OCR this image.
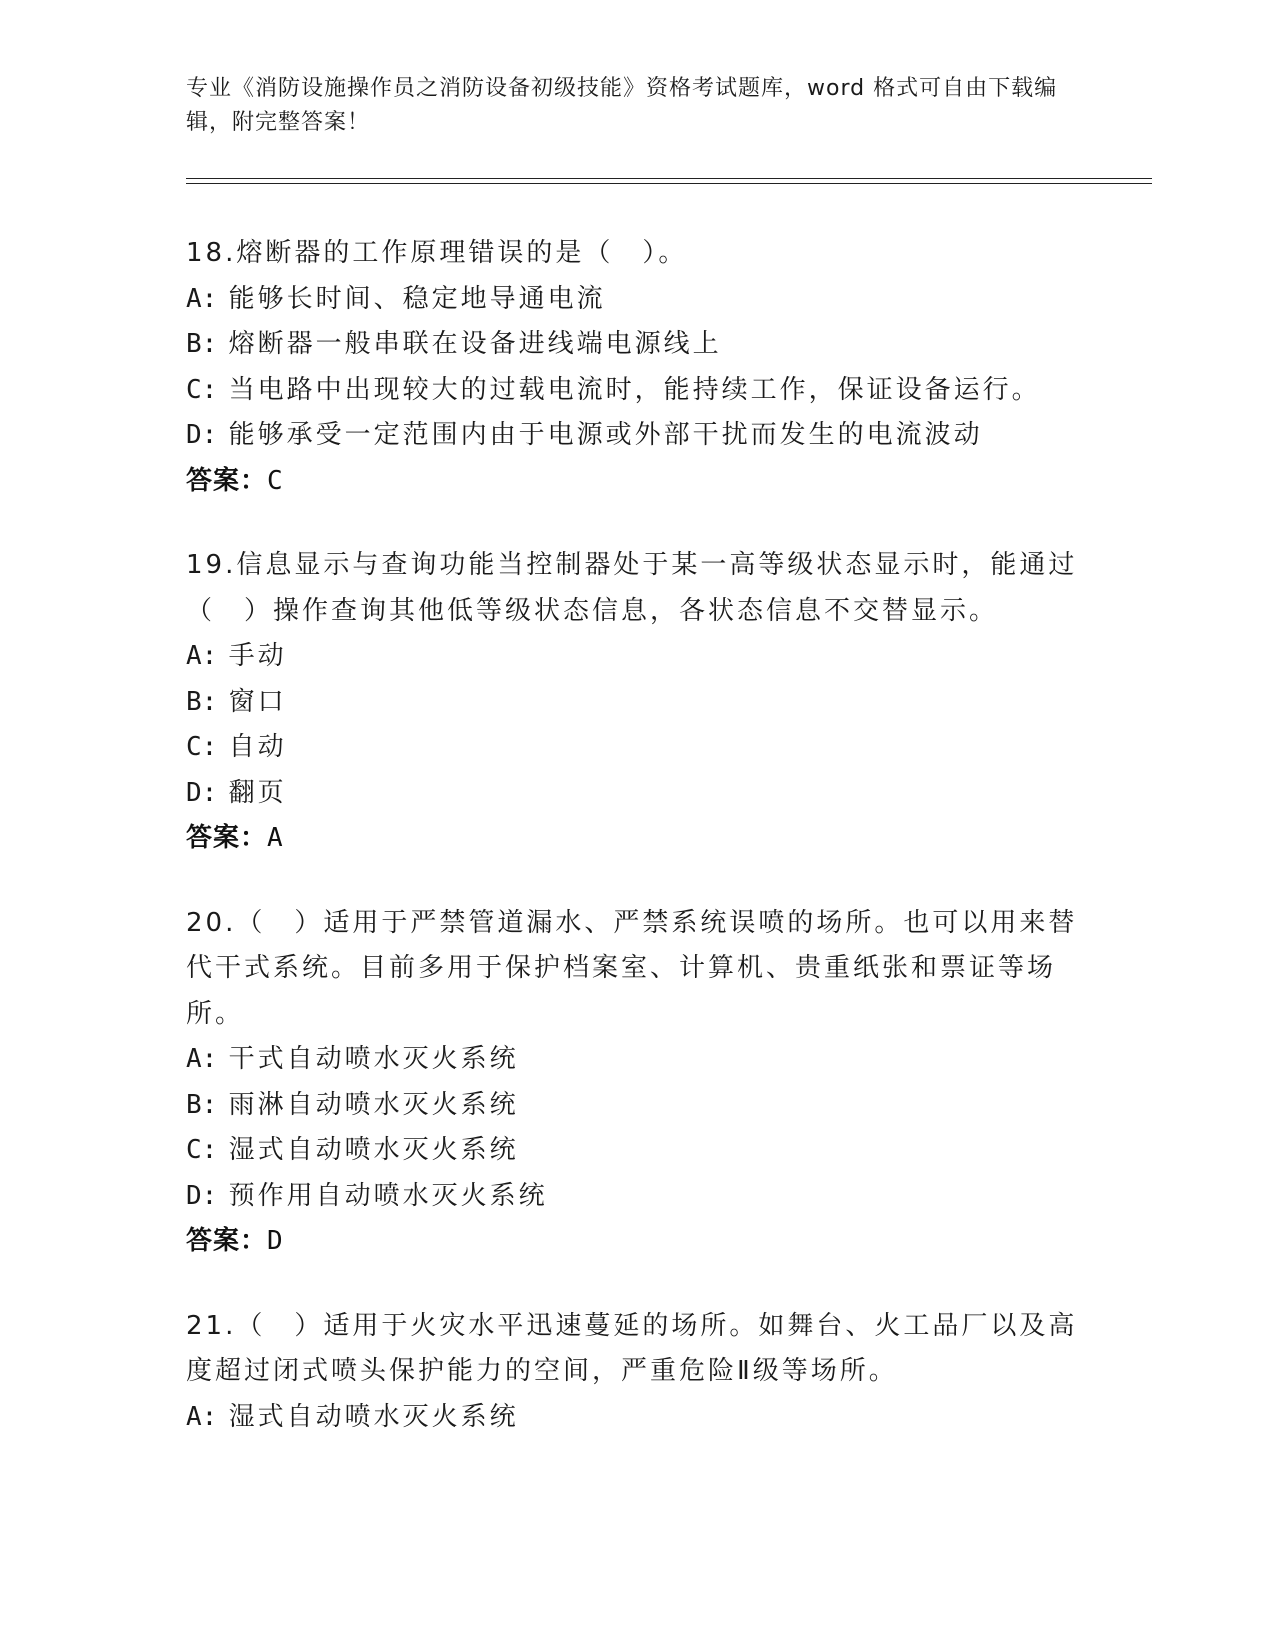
专业《消防设施操作员之消防设备初级技能》资格考试题库，word 格式可自由下载编辑，附完整答案！
18.熔断器的工作原理错误的是（　）。
A: 能够长时间、稳定地导通电流
B: 熔断器一般串联在设备进线端电源线上
C: 当电路中出现较大的过载电流时，能持续工作，保证设备运行。
D: 能够承受一定范围内由于电源或外部干扰而发生的电流波动
答案：C
19.信息显示与查询功能当控制器处于某一高等级状态显示时，能通过（　）操作查询其他低等级状态信息，各状态信息不交替显示。
A: 手动
B: 窗口
C: 自动
D: 翻页
答案：A
20.（　）适用于严禁管道漏水、严禁系统误喷的场所。也可以用来替代干式系统。目前多用于保护档案室、计算机、贵重纸张和票证等场所。
A: 干式自动喷水灭火系统
B: 雨淋自动喷水灭火系统
C: 湿式自动喷水灭火系统
D: 预作用自动喷水灭火系统
答案：D
21.（　）适用于火灾水平迅速蔓延的场所。如舞台、火工品厂以及高度超过闭式喷头保护能力的空间，严重危险Ⅱ级等场所。
A: 湿式自动喷水灭火系统
